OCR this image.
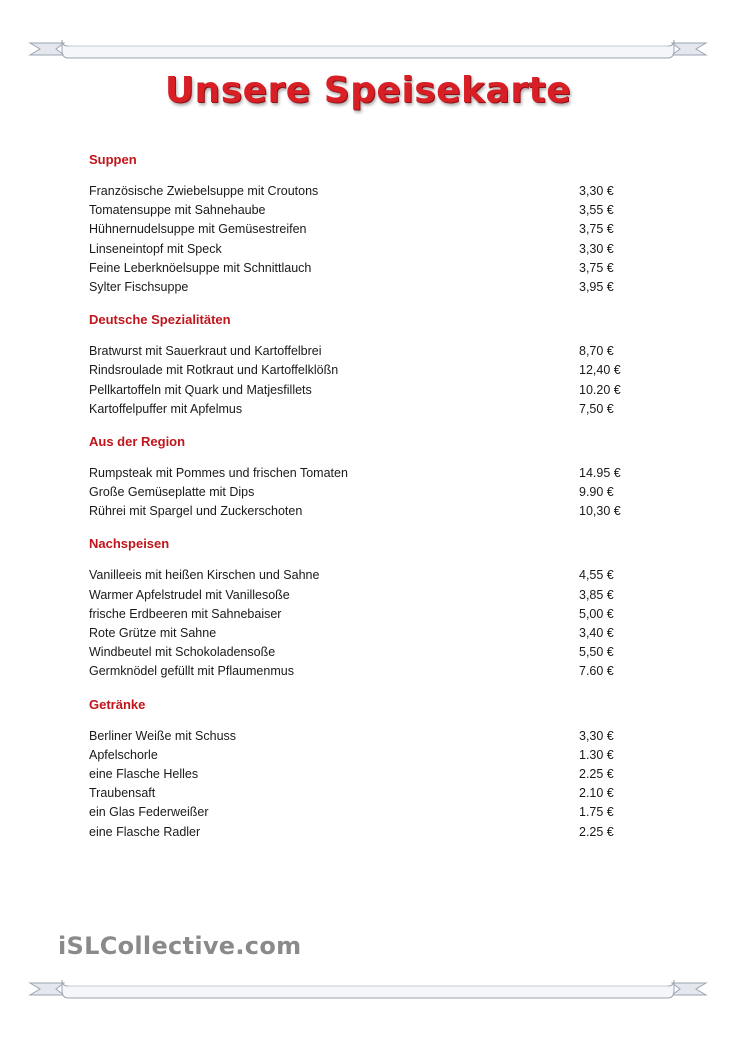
Unsere Speisekarte
Suppen
Französische Zwiebelsuppe mit Croutons	3,30 €
Tomatensuppe mit Sahnehaube	3,55 €
Hühnernudelsuppe mit Gemüsestreifen	3,75 €
Linseneintopf mit Speck	3,30 €
Feine Leberknöelsuppe mit Schnittlauch	3,75 €
Sylter Fischsuppe	3,95 €
Deutsche Spezialitäten
Bratwurst mit Sauerkraut und Kartoffelbrei	8,70 €
Rindsroulade mit Rotkraut und Kartoffelklößn	12,40 €
Pellkartoffeln mit Quark und Matjesfillets	10.20 €
Kartoffelpuffer mit Apfelmus	7,50 €
Aus der Region
Rumpsteak mit Pommes und frischen Tomaten	14.95 €
Große Gemüseplatte mit Dips	9.90 €
Rührei mit Spargel und Zuckerschoten	10,30 €
Nachspeisen
Vanilleeis mit heißen Kirschen und Sahne	4,55 €
Warmer Apfelstrudel mit Vanillesoße	3,85 €
frische Erdbeeren mit Sahnebaiser	5,00 €
Rote Grütze mit Sahne	3,40 €
Windbeutel mit Schokoladensoße	5,50 €
Germknödel gefüllt mit Pflaumenmus	7.60 €
Getränke
Berliner Weiße mit Schuss	3,30 €
Apfelschorle	1.30 €
eine Flasche Helles	2.25 €
Traubensaft	2.10 €
ein Glas Federweißer	1.75 €
eine Flasche Radler	2.25 €
iSLCollective.com
